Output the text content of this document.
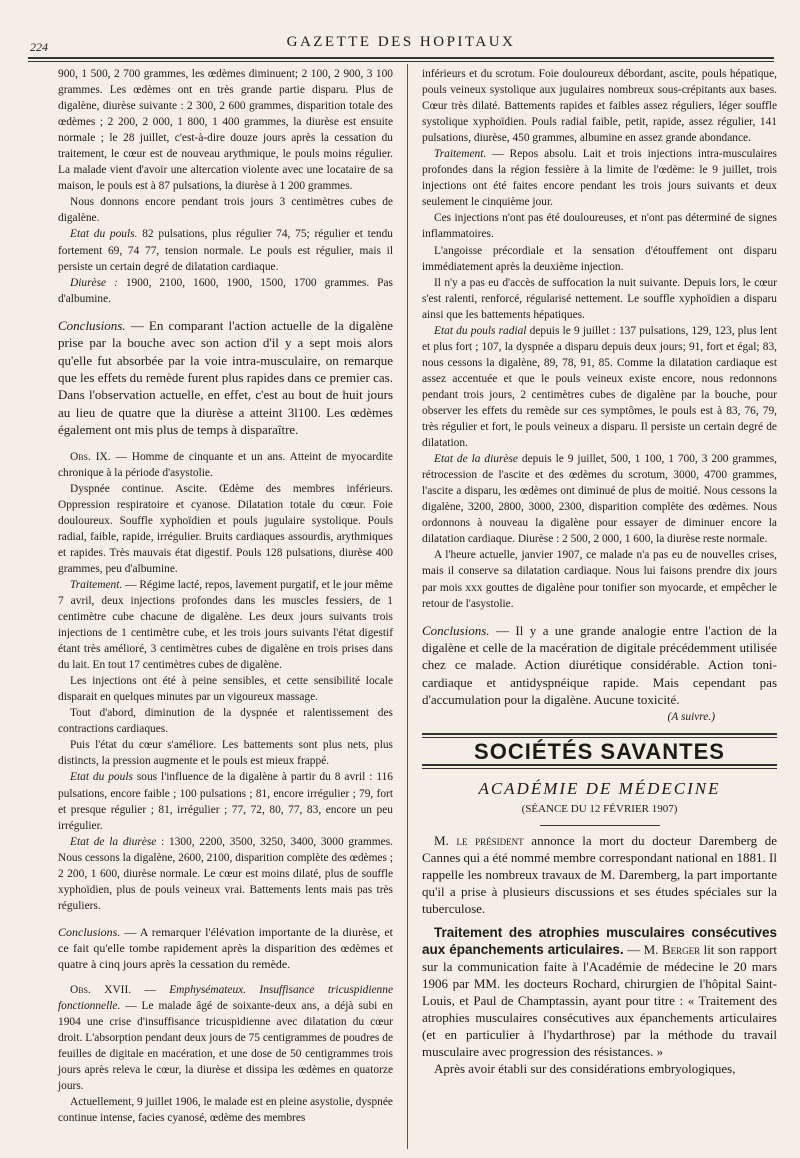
224	GAZETTE DES HOPITAUX

900, 1 500, 2 700 grammes, les œdèmes diminuent; 2 100, 2 900, 3 100 grammes. Les œdèmes ont en très grande partie disparu. Plus de digalène, diurèse suivante : 2 300, 2 600 grammes, disparition totale des œdèmes ; 2 200, 2 000, 1 800, 1 400 grammes, la diurèse est ensuite normale ; le 28 juillet, c'est-à-dire douze jours après la cessation du traitement, le cœur est de nouveau arythmique, le pouls moins régulier. La malade vient d'avoir une altercation violente avec une locataire de sa maison, le pouls est à 87 pulsations, la diurèse à 1 200 grammes.

Nous donnons encore pendant trois jours 3 centimètres cubes de digalène.

Etat du pouls. 82 pulsations, plus régulier 74, 75; régulier et tendu fortement 69, 74 77, tension normale. Le pouls est régulier, mais il persiste un certain degré de dilatation cardiaque.

Diurèse : 1900, 2100, 1600, 1900, 1500, 1700 grammes. Pas d'albumine.

Conclusions. — En comparant l'action actuelle de la digalène prise par la bouche avec son action d'il y a sept mois alors qu'elle fut absorbée par la voie intra-musculaire, on remarque que les effets du remède furent plus rapides dans ce premier cas. Dans l'observation actuelle, en effet, c'est au bout de huit jours au lieu de quatre que la diurèse a atteint 3l100. Les œdèmes également ont mis plus de temps à disparaître.

Obs. IX. — Homme de cinquante et un ans. Atteint de myocardite chronique à la période d'asystolie.

Dyspnée continue. Ascite. Œdème des membres inférieurs. Oppression respiratoire et cyanose. Dilatation totale du cœur. Foie douloureux. Souffle xyphoïdien et pouls jugulaire systolique. Pouls radial, faible, rapide, irrégulier. Bruits cardiaques assourdis, arythmiques et rapides. Très mauvais état digestif. Pouls 128 pulsations, diurèse 400 grammes, peu d'albumine.

Traitement. — Régime lacté, repos, lavement purgatif, et le jour même 7 avril, deux injections profondes dans les muscles fessiers, de 1 centimètre cube chacune de digalène. Les deux jours suivants trois injections de 1 centimètre cube, et les trois jours suivants l'état digestif étant très amélioré, 3 centimètres cubes de digalène en trois prises dans du lait. En tout 17 centimètres cubes de digalène.

Les injections ont été à peine sensibles, et cette sensibilité locale disparait en quelques minutes par un vigoureux massage.

Tout d'abord, diminution de la dyspnée et ralentissement des contractions cardiaques.

Puis l'état du cœur s'améliore. Les battements sont plus nets, plus distincts, la pression augmente et le pouls est mieux frappé.

Etat du pouls sous l'influence de la digalène à partir du 8 avril : 116 pulsations, encore faible ; 100 pulsations ; 81, encore irrégulier ; 79, fort et presque régulier ; 81, irrégulier ; 77, 72, 80, 77, 83, encore un peu irrégulier.

Etat de la diurèse : 1300, 2200, 3500, 3250, 3400, 3000 grammes. Nous cessons la digalène, 2600, 2100, disparition complète des œdèmes ; 2 200, 1 600, diurèse normale. Le cœur est moins dilaté, plus de souffle xyphoïdien, plus de pouls veineux vrai. Battements lents mais pas très réguliers.

Conclusions. — A remarquer l'élévation importante de la diurèse, et ce fait qu'elle tombe rapidement après la disparition des œdèmes et quatre à cinq jours après la cessation du remède.

Obs. XVII. — Emphysémateux. Insuffisance tricuspidienne fonctionnelle. — Le malade âgé de soixante-deux ans, a déjà subi en 1904 une crise d'insuffisance tricuspidienne avec dilatation du cœur droit. L'absorption pendant deux jours de 75 centigrammes de poudres de feuilles de digitale en macération, et une dose de 50 centigrammes trois jours après releva le cœur, la diurèse et dissipa les œdèmes en quatorze jours.

Actuellement, 9 juillet 1906, le malade est en pleine asystolie, dyspnée continue intense, facies cyanosé, œdème des membres

inférieurs et du scrotum. Foie douloureux débordant, ascite, pouls hépatique, pouls veineux systolique aux jugulaires nombreux sous-crépitants aux bases. Cœur très dilaté. Battements rapides et faibles assez réguliers, léger souffle systolique xyphoïdien. Pouls radial faible, petit, rapide, assez régulier, 141 pulsations, diurèse, 450 grammes, albumine en assez grande abondance.

Traitement. — Repos absolu. Lait et trois injections intra-musculaires profondes dans la région fessière à la limite de l'œdème: le 9 juillet, trois injections ont été faites encore pendant les trois jours suivants et deux seulement le cinquième jour.

Ces injections n'ont pas été douloureuses, et n'ont pas déterminé de signes inflammatoires.

L'angoisse précordiale et la sensation d'étouffement ont disparu immédiatement après la deuxième injection.

Il n'y a pas eu d'accès de suffocation la nuit suivante. Depuis lors, le cœur s'est ralenti, renforcé, régularisé nettement. Le souffle xyphoïdien a disparu ainsi que les battements hépatiques.

Etat du pouls radial depuis le 9 juillet : 137 pulsations, 129, 123, plus lent et plus fort ; 107, la dyspnée a disparu depuis deux jours; 91, fort et égal; 83, nous cessons la digalène, 89, 78, 91, 85. Comme la dilatation cardiaque est assez accentuée et que le pouls veineux existe encore, nous redonnons pendant trois jours, 2 centimètres cubes de digalène par la bouche, pour observer les effets du remède sur ces symptômes, le pouls est à 83, 76, 79, très régulier et fort, le pouls veineux a disparu. Il persiste un certain degré de dilatation.

Etat de la diurèse depuis le 9 juillet, 500, 1 100, 1 700, 3 200 grammes, rétrocession de l'ascite et des œdèmes du scrotum, 3000, 4700 grammes, l'ascite a disparu, les œdèmes ont diminué de plus de moitié. Nous cessons la digalène, 3200, 2800, 3000, 2300, disparition complète des œdèmes. Nous ordonnons à nouveau la digalène pour essayer de diminuer encore la dilatation cardiaque. Diurèse : 2 500, 2 000, 1 600, la diurèse reste normale.

A l'heure actuelle, janvier 1907, ce malade n'a pas eu de nouvelles crises, mais il conserve sa dilatation cardiaque. Nous lui faisons prendre dix jours par mois xxx gouttes de digalène pour tonifier son myocarde, et empêcher le retour de l'asystolie.

Conclusions. — Il y a une grande analogie entre l'action de la digalène et celle de la macération de digitale précédemment utilisée chez ce malade. Action diurétique considérable. Action toni-cardiaque et antidyspnéique rapide. Mais cependant pas d'accumulation pour la digalène. Aucune toxicité.

(A suivre.)

SOCIÉTÉS SAVANTES
ACADÉMIE DE MÉDECINE
(SÉANCE DU 12 FÉVRIER 1907)

M. le président annonce la mort du docteur Daremberg de Cannes qui a été nommé membre correspondant national en 1881. Il rappelle les nombreux travaux de M. Daremberg, la part importante qu'il a prise à plusieurs discussions et ses études spéciales sur la tuberculose.

Traitement des atrophies musculaires consécutives aux épanchements articulaires. — M. Berger lit son rapport sur la communication faite à l'Académie de médecine le 20 mars 1906 par MM. les docteurs Rochard, chirurgien de l'hôpital Saint-Louis, et Paul de Champtassin, ayant pour titre : « Traitement des atrophies musculaires consécutives aux épanchements articulaires (et en particulier à l'hydarthrose) par la méthode du travail musculaire avec progression des résistances. »

Après avoir établi sur des considérations embryologiques,
